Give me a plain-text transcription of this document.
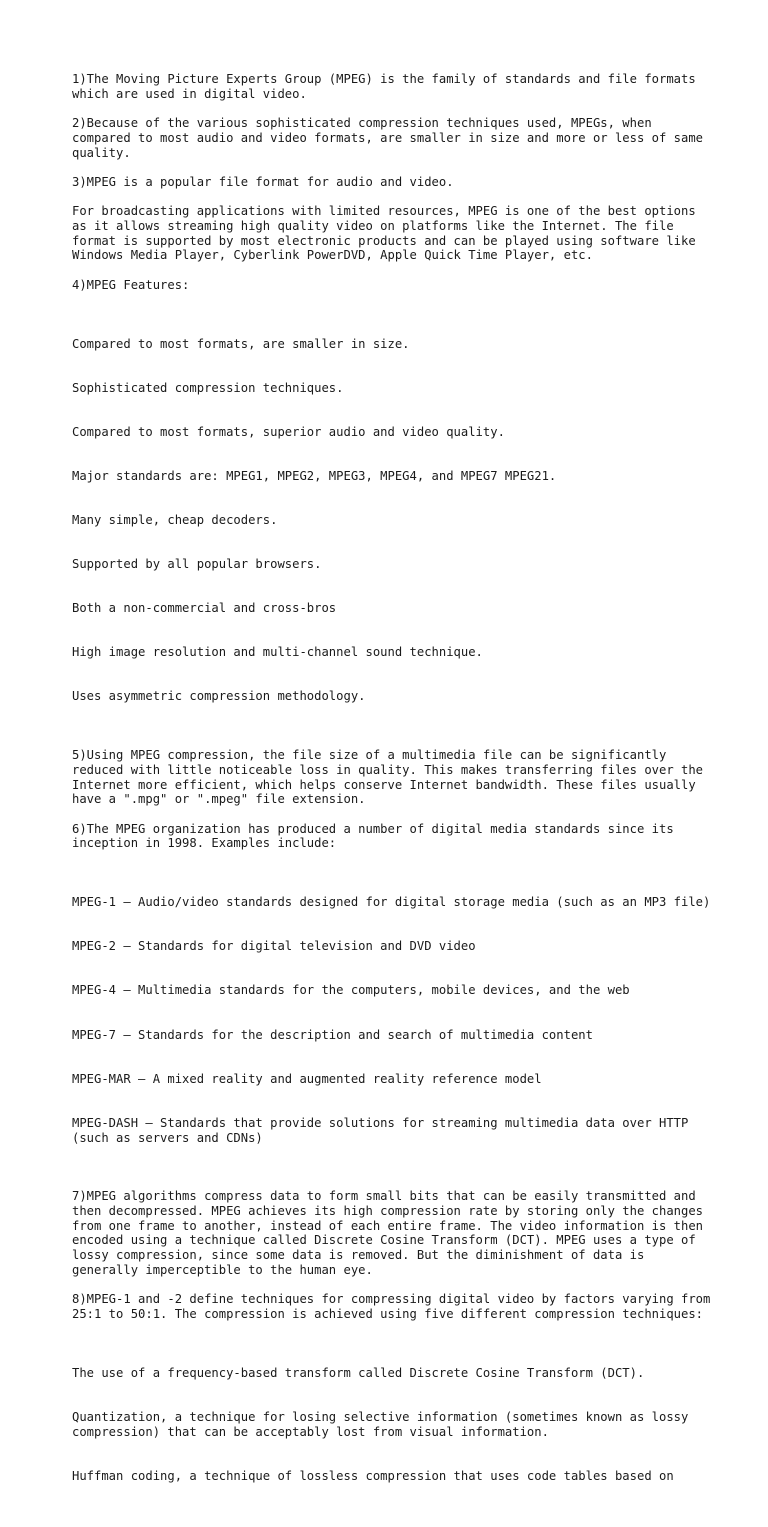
1)The Moving Picture Experts Group (MPEG) is the family of standards and file formats which are used in digital video.

2)Because of the various sophisticated compression techniques used, MPEGs, when compared to most audio and video formats, are smaller in size and more or less of same quality.

3)MPEG is a popular file format for audio and video.

For broadcasting applications with limited resources, MPEG is one of the best options as it allows streaming high quality video on platforms like the Internet. The file format is supported by most electronic products and can be played using software like Windows Media Player, Cyberlink PowerDVD, Apple Quick Time Player, etc.

4)MPEG Features:

Compared to most formats, are smaller in size.

Sophisticated compression techniques.

Compared to most formats, superior audio and video quality.

Major standards are: MPEG1, MPEG2, MPEG3, MPEG4, and MPEG7 MPEG21.

Many simple, cheap decoders.

Supported by all popular browsers.

Both a non-commercial and cross-bros

High image resolution and multi-channel sound technique.

Uses asymmetric compression methodology.

5)Using MPEG compression, the file size of a multimedia file can be significantly reduced with little noticeable loss in quality. This makes transferring files over the Internet more efficient, which helps conserve Internet bandwidth. These files usually have a ".mpg" or ".mpeg" file extension.

6)The MPEG organization has produced a number of digital media standards since its inception in 1998. Examples include:

MPEG-1 – Audio/video standards designed for digital storage media (such as an MP3 file)

MPEG-2 – Standards for digital television and DVD video

MPEG-4 – Multimedia standards for the computers, mobile devices, and the web

MPEG-7 – Standards for the description and search of multimedia content

MPEG-MAR – A mixed reality and augmented reality reference model

MPEG-DASH – Standards that provide solutions for streaming multimedia data over HTTP (such as servers and CDNs)

7)MPEG algorithms compress data to form small bits that can be easily transmitted and then decompressed. MPEG achieves its high compression rate by storing only the changes from one frame to another, instead of each entire frame. The video information is then encoded using a technique called Discrete Cosine Transform (DCT). MPEG uses a type of lossy compression, since some data is removed. But the diminishment of data is generally imperceptible to the human eye.

8)MPEG-1 and -2 define techniques for compressing digital video by factors varying from 25:1 to 50:1. The compression is achieved using five different compression techniques:

The use of a frequency-based transform called Discrete Cosine Transform (DCT).

Quantization, a technique for losing selective information (sometimes known as lossy compression) that can be acceptably lost from visual information.

Huffman coding, a technique of lossless compression that uses code tables based on
